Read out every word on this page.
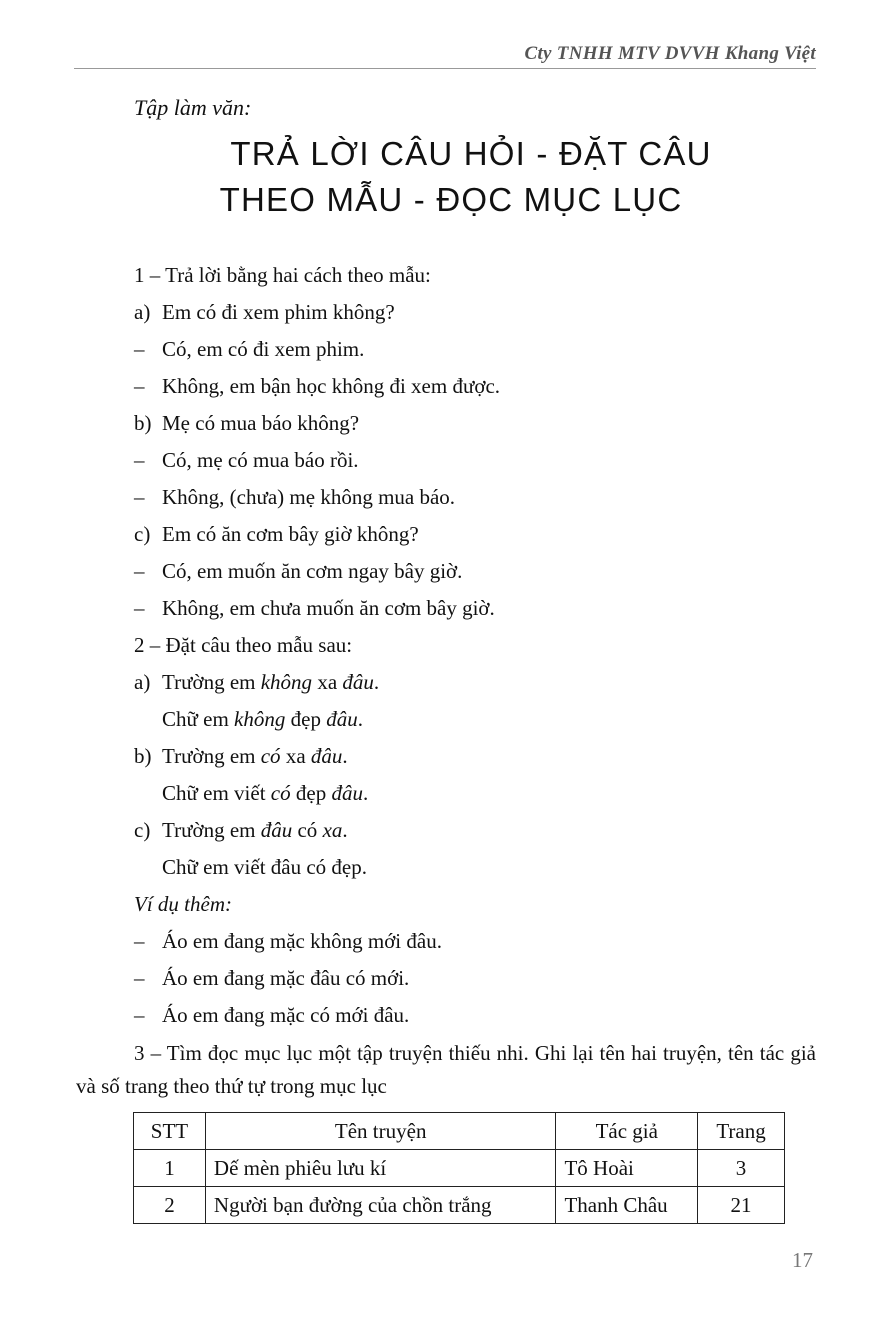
Cty TNHH MTV DVVH Khang Việt
Tập làm văn:
TRẢ LỜI CÂU HỎI - ĐẶT CÂU
THEO MẪU - ĐỌC MỤC LỤC
1 – Trả lời bằng hai cách theo mẫu:
a) Em có đi xem phim không?
– Có, em có đi xem phim.
– Không, em bận học không đi xem được.
b) Mẹ có mua báo không?
– Có, mẹ có mua báo rồi.
– Không, (chưa) mẹ không mua báo.
c) Em có ăn cơm bây giờ không?
– Có, em muốn ăn cơm ngay bây giờ.
– Không, em chưa muốn ăn cơm bây giờ.
2 – Đặt câu theo mẫu sau:
a) Trường em không xa đâu.
Chữ em không đẹp đâu.
b) Trường em có xa đâu.
Chữ em viết có đẹp đâu.
c) Trường em đâu có xa.
Chữ em viết đâu có đẹp.
Ví dụ thêm:
– Áo em đang mặc không mới đâu.
– Áo em đang mặc đâu có mới.
– Áo em đang mặc có mới đâu.
3 – Tìm đọc mục lục một tập truyện thiếu nhi. Ghi lại tên hai truyện, tên tác giả và số trang theo thứ tự trong mục lục
STT	Tên truyện	Tác giả	Trang
1	Dế mèn phiêu lưu kí	Tô Hoài	3
2	Người bạn đường của chồn trắng	Thanh Châu	21
17
